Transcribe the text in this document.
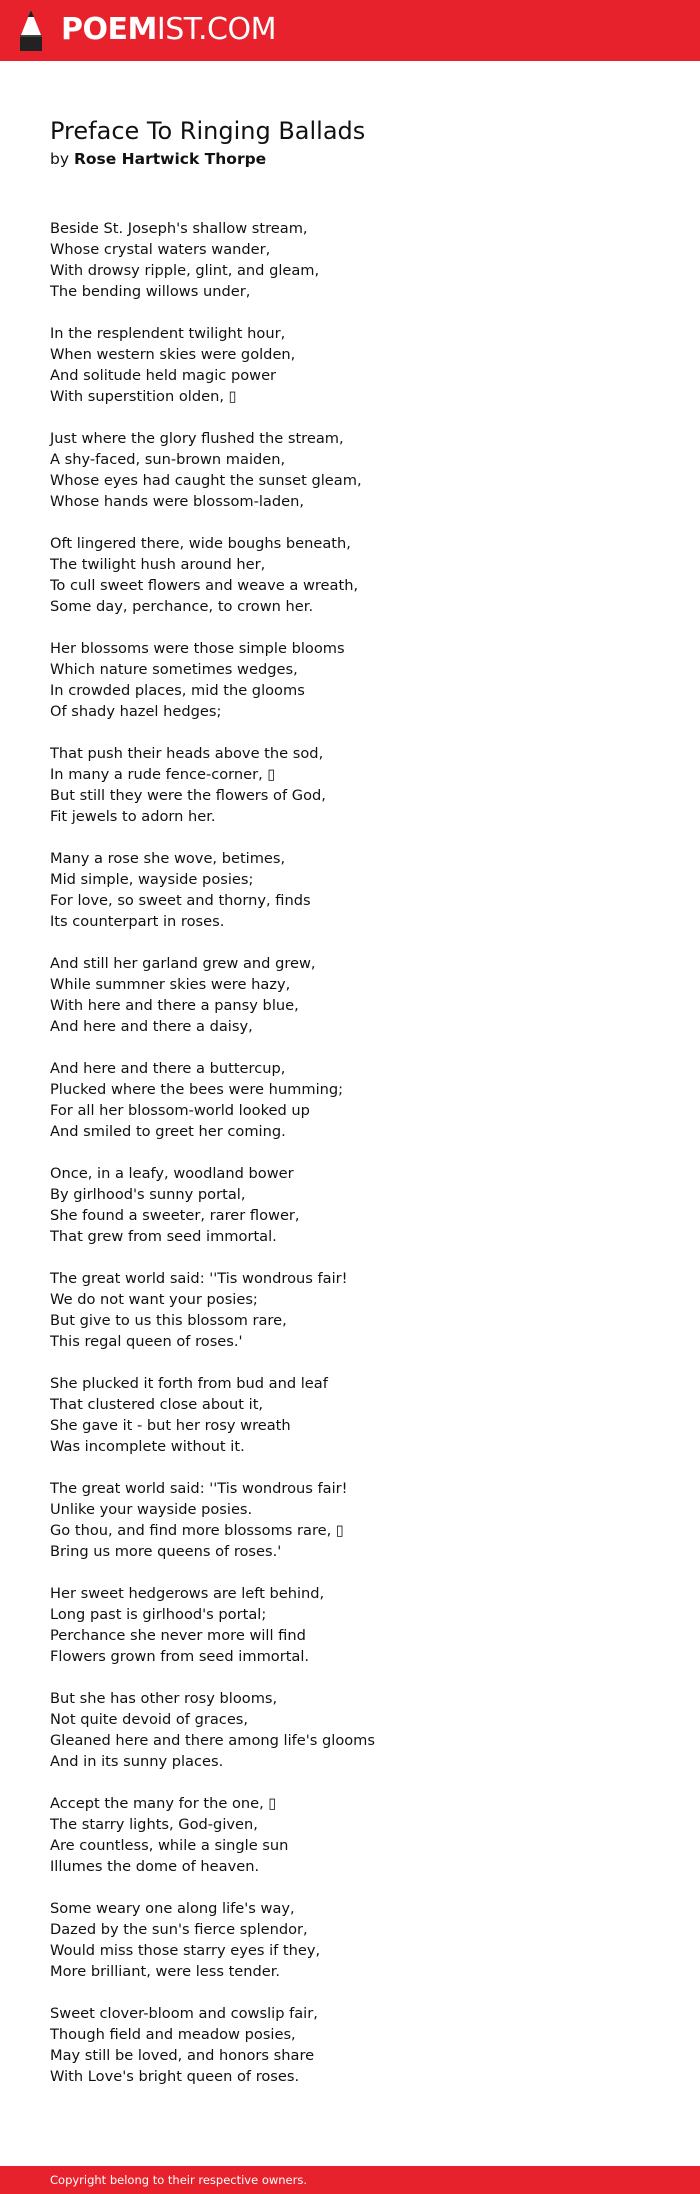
POEMIST.COM
Preface To Ringing Ballads
by Rose Hartwick Thorpe
Beside St. Joseph's shallow stream,
Whose crystal waters wander,
With drowsy ripple, glint, and gleam,
The bending willows under,
In the resplendent twilight hour,
When western skies were golden,
And solitude held magic power
With superstition olden, ▯
Just where the glory flushed the stream,
A shy-faced, sun-brown maiden,
Whose eyes had caught the sunset gleam,
Whose hands were blossom-laden,
Oft lingered there, wide boughs beneath,
The twilight hush around her,
To cull sweet flowers and weave a wreath,
Some day, perchance, to crown her.
Her blossoms were those simple blooms
Which nature sometimes wedges,
In crowded places, mid the glooms
Of shady hazel hedges;
That push their heads above the sod,
In many a rude fence-corner, ▯
But still they were the flowers of God,
Fit jewels to adorn her.
Many a rose she wove, betimes,
Mid simple, wayside posies;
For love, so sweet and thorny, finds
Its counterpart in roses.
And still her garland grew and grew,
While summner skies were hazy,
With here and there a pansy blue,
And here and there a daisy,
And here and there a buttercup,
Plucked where the bees were humming;
For all her blossom-world looked up
And smiled to greet her coming.
Once, in a leafy, woodland bower
By girlhood's sunny portal,
She found a sweeter, rarer flower,
That grew from seed immortal.
The great world said: ''Tis wondrous fair!
We do not want your posies;
But give to us this blossom rare,
This regal queen of roses.'
She plucked it forth from bud and leaf
That clustered close about it,
She gave it - but her rosy wreath
Was incomplete without it.
The great world said: ''Tis wondrous fair!
Unlike your wayside posies.
Go thou, and find more blossoms rare, ▯
Bring us more queens of roses.'
Her sweet hedgerows are left behind,
Long past is girlhood's portal;
Perchance she never more will find
Flowers grown from seed immortal.
But she has other rosy blooms,
Not quite devoid of graces,
Gleaned here and there among life's glooms
And in its sunny places.
Accept the many for the one, ▯
The starry lights, God-given,
Are countless, while a single sun
Illumes the dome of heaven.
Some weary one along life's way,
Dazed by the sun's fierce splendor,
Would miss those starry eyes if they,
More brilliant, were less tender.
Sweet clover-bloom and cowslip fair,
Though field and meadow posies,
May still be loved, and honors share
With Love's bright queen of roses.
Copyright belong to their respective owners.
